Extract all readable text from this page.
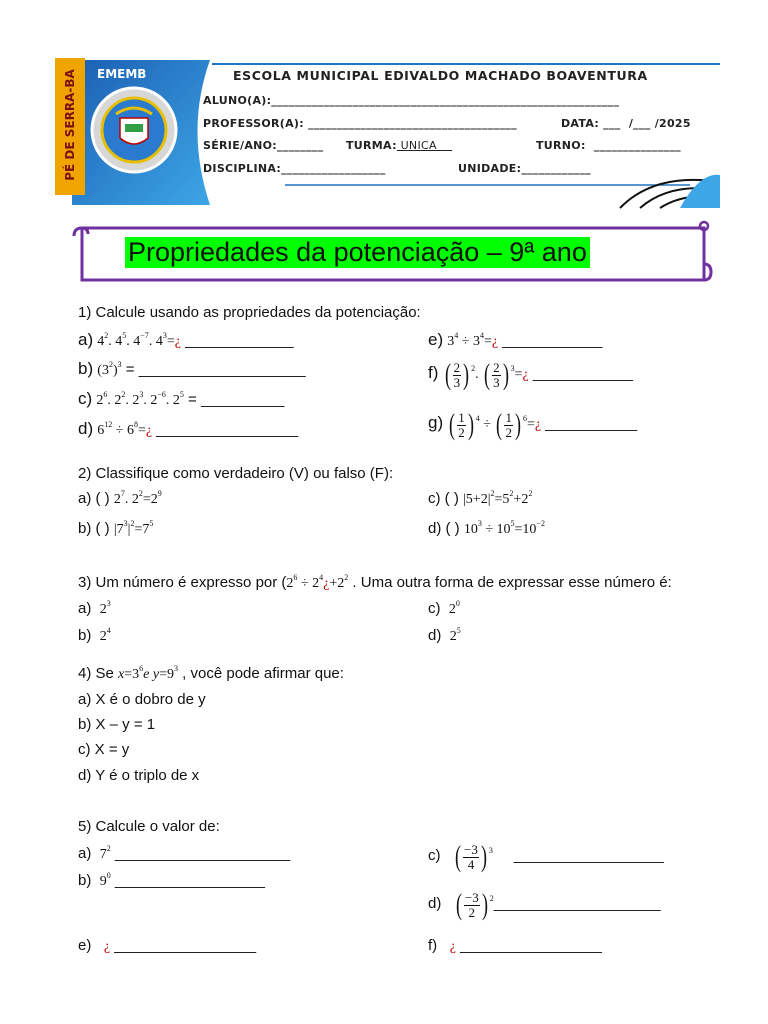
PÉ DE SERRA-BA EMEMB	ESCOLA MUNICIPAL EDIVALDO MACHADO BOAVENTURA
ALUNO(A):____________________________________________________________
PROFESSOR(A): ____________________________________	DATA: ___  /___ /2025
SÉRIE/ANO:________ TURMA: UNICA	TURNO:  _______________
DISCIPLINA:__________________	UNIDADE:____________
Propriedades da potenciação – 9ª ano
1) Calcule usando as propriedades da potenciação:
a) $4^2$. $4^5$. $4^{-7}$. $4^3=¿$ _____________
b) $(3^2)^3$ = ____________________
c) $2^6$. $2^2$. $2^3$. $2^{-6}$. $2^5$ = __________
d) $6^{12}$ ÷ $6^8=¿$ _________________
e) $3^4$ ÷ $3^4=¿$ ____________
f) ( $\frac{2}{3}$ ) $^2$. ( $\frac{2}{3}$ ) $^3$=¿ ____________
g) ( $\frac{1}{2}$ ) $^4$ ÷ ( $\frac{1}{2}$ ) $^6$=¿ ___________
2) Classifique como verdadeiro (V) ou falso (F):
a) ( ) $2^7$. $2^2=2^9$
b) ( ) $|7^3|^2=7^5$
c) ( ) $|5+2|^2=5^2+2^2$
d) ( ) $10^3 \div 10^5=10^{-2}$
3) Um número é expresso por ($2^6$ ÷ $2^4¿+2^2$ . Uma outra forma de expressar esse número é:
a) $2^3$
b) $2^4$
c) $2^0$
d) $2^5$
4) Se $x=3^6e$ $y=9^3$ , você pode afirmar que:
a) X é o dobro de y
b) X – y = 1
c) X = y
d) Y é o triplo de x
5) Calcule o valor de:
a) $7^2$ _____________________
b) $9^0$ __________________
c) ( $\frac{-3}{4}$ ) $^3$ __________________
d) ( $\frac{-3}{2}$ ) $^2$____________________
e) ¿ _________________	f) ¿ _________________
